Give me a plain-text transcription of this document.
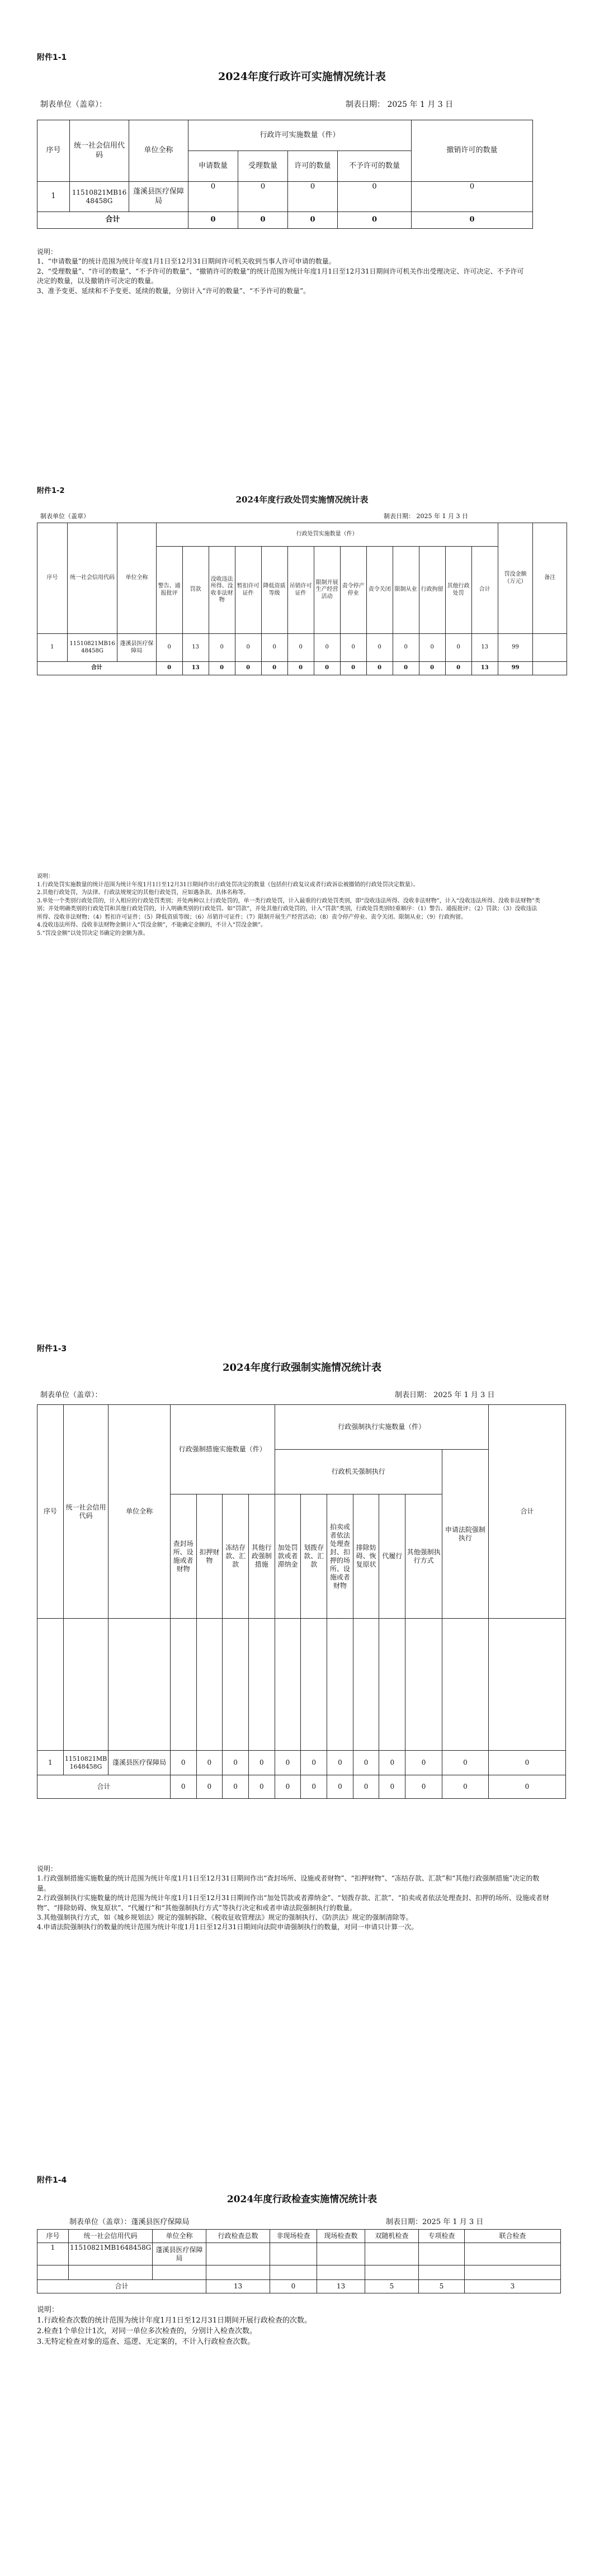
附件1-1
2024年度行政许可实施情况统计表
制表单位（盖章）：	制表日期： 2025 年 1 月 3 日
序号	统一社会信用代码	单位全称	行政许可实施数量（件）				撤销许可的数量
			申请数量	受理数量	许可的数量	不予许可的数量	
1	11510821MB1648458G	蓬溪县医疗保障局	0	0	0	0	0
合计			0	0	0	0	0
说明：
1、“申请数量”的统计范围为统计年度1月1日至12月31日期间许可机关收到当事人许可申请的数量。
2、“受理数量”、“许可的数量”、“不予许可的数量”、“撤销许可的数量”的统计范围为统计年度1月1日至12月31日期间许可机关作出受理决定、许可决定、不予许可决定的数量，以及撤销许可决定的数量。
3、准予变更、延续和不予变更、延续的数量，分别计入“许可的数量”、“不予许可的数量”。
附件1-2
2024年度行政处罚实施情况统计表
制表单位（盖章）	制表日期： 2025 年 1 月 3 日
序号	统一社会信用代码	单位全称	行政处罚实施数量（件）													罚没金额（万元）	备注
			警告、通报批评	罚款	没收违法所得、没收非法财物	暂扣许可证件	降低资质等级	吊销许可证件	限制开展生产经营活动	责令停产停业	责令关闭	限制从业	行政拘留	其他行政处罚	合计		
1	11510821MB1648458G	蓬溪县医疗保障局	0	13	0	0	0	0	0	0	0	0	0	0	13	99	
合计			0	13	0	0	0	0	0	0	0	0	0	0	13	99	
说明：
1.行政处罚实施数量的统计范围为统计年度1月1日至12月31日期间作出行政处罚决定的数量（包括但行政复议或者行政诉讼被撤销的行政处罚决定数量）。
2.其他行政处罚，为法律、行政法规规定的其他行政处罚，应如遇条款、具体名称等。
3.单处一个类别行政处罚的，计入相应的行政处罚类别；并处两种以上行政处罚的，单一类行政处罚，计入最重的行政处罚类别，即“没收违法所得、没收非法财物”，计入“没收违法所得、没收非法财物”类别；并处明确类别的行政处罚和其他行政处罚的，计入明确类别的行政处罚。如“罚款”，并处其他行政处罚的，计入“罚款”类别，行政处罚类别轻重顺序：（1）警告、通报批评；（2）罚款；（3）没收违法所得、没收非法财物；（4）暂扣许可证件；（5）降低资质等级；（6）吊销许可证件；（7）限制开展生产经营活动；（8）责令停产停业、责令关闭、限制从业；（9）行政拘留。
4.没收违法所得、没收非法财物金额计入“罚没金额”，不能确定金额的，不计入“罚没金额”。
5.“罚没金额”以处罚决定书确定的金额为准。
附件1-3
2024年度行政强制实施情况统计表
制表单位（盖章）：	制表日期： 2025 年 1 月 3 日
序号	统一社会信用代码	单位全称	行政强制措施实施数量（件）				行政强制执行实施数量（件）							合计
							行政机关强制执行						申请法院强制执行	
			查封场所、设施或者财物	扣押财物	冻结存款、汇款	其他行政强制措施	加处罚款或者滞纳金	划拨存款、汇款	拍卖或者依法处理查封、扣押的场所、设施或者财物	排除妨碍、恢复原状	代履行	其他强制执行方式		

1	11510821MB1648458G	蓬溪县医疗保障局	0	0	0	0	0	0	0	0	0	0	0	0
合计			0	0	0	0	0	0	0	0	0	0	0	0
说明：
1.行政强制措施实施数量的统计范围为统计年度1月1日至12月31日期间作出“查封场所、设施或者财物”、“扣押财物”、“冻结存款、汇款”和“其他行政强制措施”决定的数量。
2.行政强制执行实施数量的统计范围为统计年度1月1日至12月31日期间作出“加处罚款或者滞纳金”、“划拨存款、汇款”、“拍卖或者依法处理查封、扣押的场所、设施或者财物”、“排除妨碍、恢复原状”、“代履行”和“其他强制执行方式”等执行决定和或者申请法院强制执行的数量。
3.其他强制执行方式，如《城乡规划法》规定的强制拆除、《税收征收管理法》规定的强制执行、《防洪法》规定的强制清除等。
4.申请法院强制执行的数量的统计范围为统计年度1月1日至12月31日期间向法院申请强制执行的数量，对同一申请只计算一次。
附件1-4
2024年度行政检查实施情况统计表
制表单位（盖章）：蓬溪县医疗保障局	制表日期：2025 年 1 月 3 日
序号	统一社会信用代码	单位全称	行政检查总数	非现场检查	现场检查数	双随机检查	专项检查	联合检查
1	11510821MB1648458G	蓬溪县医疗保障局						

合计			13	0	13	5	5	3
说明：
1.行政检查次数的统计范围为统计年度1月1日至12月31日期间开展行政检查的次数。
2.检查1个单位计1次，对同一单位多次检查的，分别计入检查次数。
3.无特定检查对象的巡查、巡逻、无定案的，不计入行政检查次数。
